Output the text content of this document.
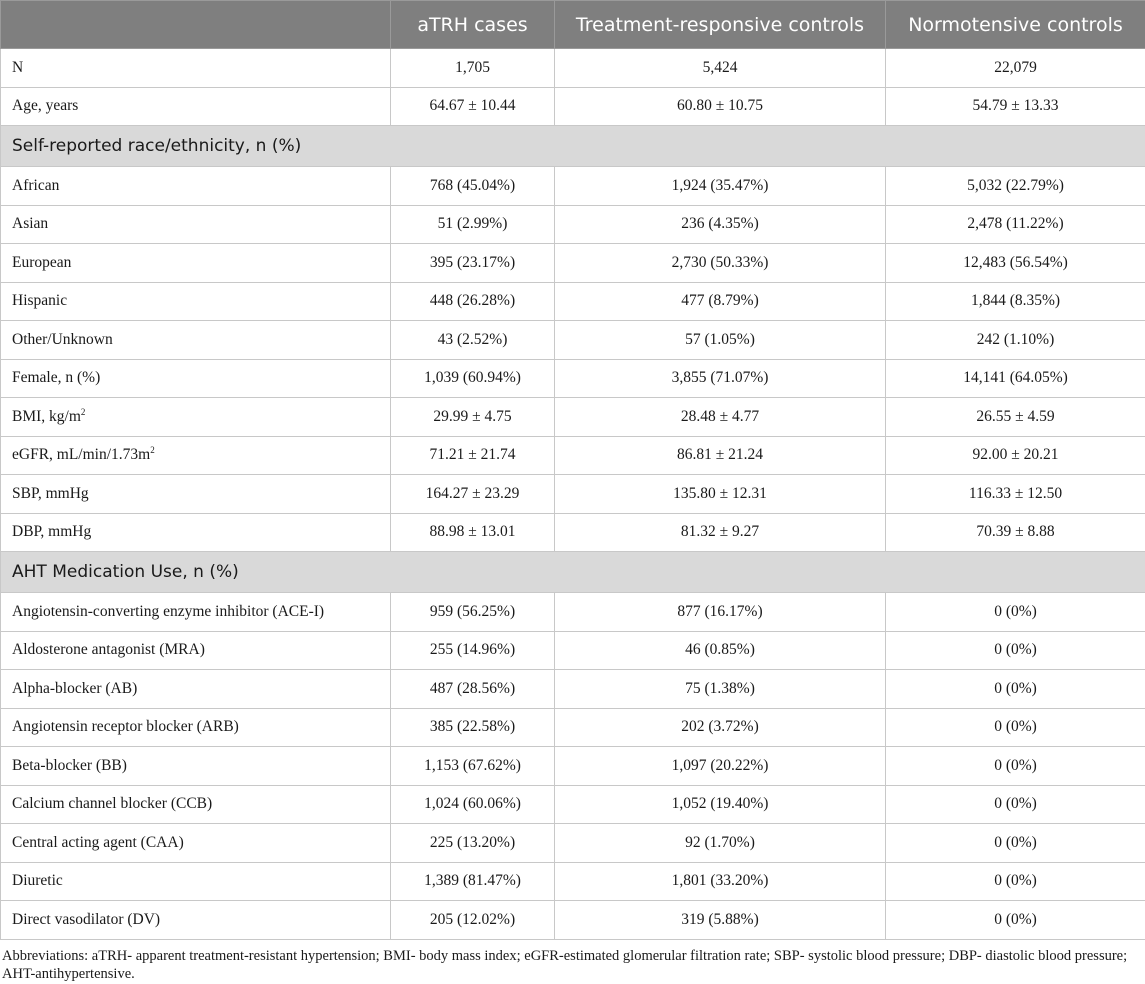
	aTRH cases	Treatment-responsive controls	Normotensive controls
N	1,705	5,424	22,079
Age, years	64.67 ± 10.44	60.80 ± 10.75	54.79 ± 13.33
Self-reported race/ethnicity, n (%)			
African	768 (45.04%)	1,924 (35.47%)	5,032 (22.79%)
Asian	51 (2.99%)	236 (4.35%)	2,478 (11.22%)
European	395 (23.17%)	2,730 (50.33%)	12,483 (56.54%)
Hispanic	448 (26.28%)	477 (8.79%)	1,844 (8.35%)
Other/Unknown	43 (2.52%)	57 (1.05%)	242 (1.10%)
Female, n (%)	1,039 (60.94%)	3,855 (71.07%)	14,141 (64.05%)
BMI, $kg/m^2$	29.99 ± 4.75	28.48 ± 4.77	26.55 ± 4.59
eGFR, $mL/\min/1.73m^2$	71.21 ± 21.74	86.81 ± 21.24	92.00 ± 20.21
SBP, mmHg	164.27 ± 23.29	135.80 ± 12.31	116.33 ± 12.50
DBP, mmHg	88.98 ± 13.01	81.32 ± 9.27	70.39 ± 8.88
AHT Medication Use, n (%)			
Angiotensin-converting enzyme inhibitor (ACE-I)	959 (56.25%)	877 (16.17%)	0 (0%)
Aldosterone antagonist (MRA)	255 (14.96%)	46 (0.85%)	0 (0%)
Alpha-blocker (AB)	487 (28.56%)	75 (1.38%)	0 (0%)
Angiotensin receptor blocker (ARB)	385 (22.58%)	202 (3.72%)	0 (0%)
Beta-blocker (BB)	1,153 (67.62%)	1,097 (20.22%)	0 (0%)
Calcium channel blocker (CCB)	1,024 (60.06%)	1,052 (19.40%)	0 (0%)
Central acting agent (CAA)	225 (13.20%)	92 (1.70%)	0 (0%)
Diuretic	1,389 (81.47%)	1,801 (33.20%)	0 (0%)
Direct vasodilator (DV)	205 (12.02%)	319 (5.88%)	0 (0%)

Abbreviations: aTRH- apparent treatment-resistant hypertension; BMI- body mass index; eGFR-estimated glomerular filtration rate; SBP- systolic blood pressure; DBP- diastolic blood pressure; AHT-antihypertensive.
